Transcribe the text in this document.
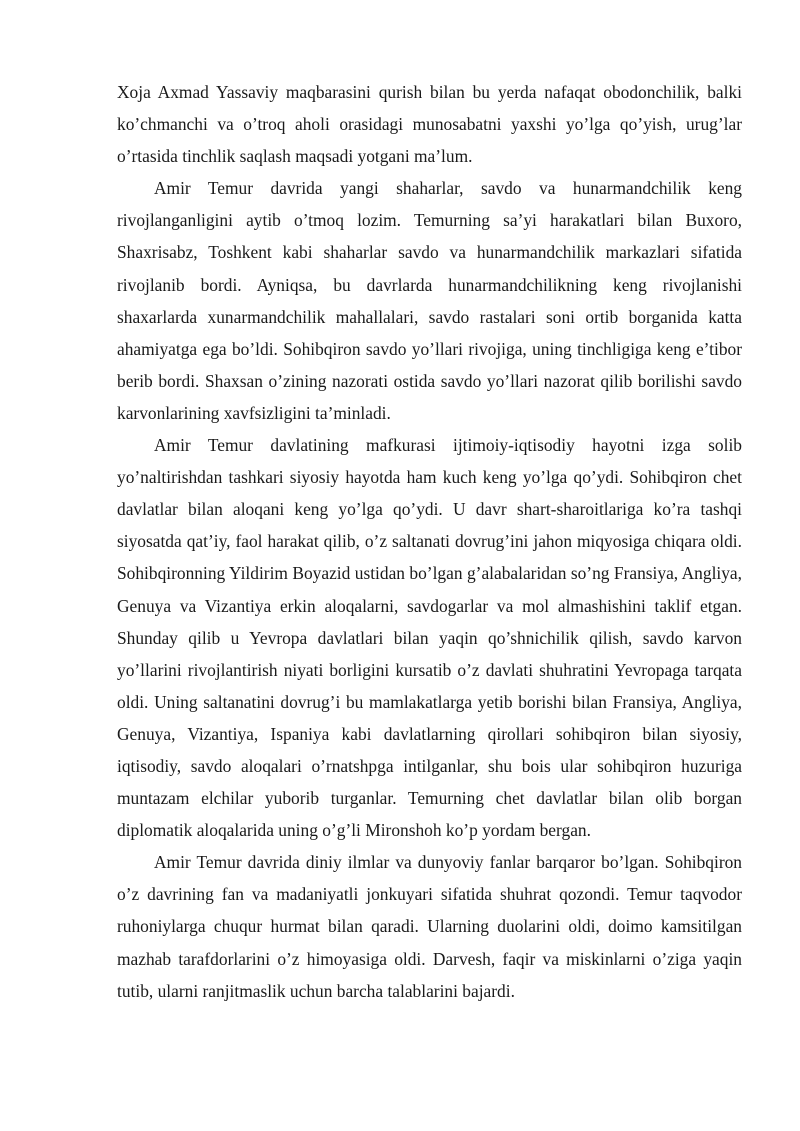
Xoja Axmad Yassaviy maqbarasini qurish bilan bu yerda nafaqat obodonchilik, balki ko’chmanchi va o’troq aholi orasidagi munosabatni yaxshi yo’lga qo’yish, urug’lar o’rtasida tinchlik saqlash maqsadi yotgani ma’lum.

Amir Temur davrida yangi shaharlar, savdo va hunarmandchilik keng rivojlanganligini aytib o’tmoq lozim. Temurning sa’yi harakatlari bilan Buxoro, Shaxrisabz, Toshkent kabi shaharlar savdo va hunarmandchilik markazlari sifatida rivojlanib bordi. Ayniqsa, bu davrlarda hunarmandchilikning keng rivojlanishi shaxarlarda xunarmandchilik mahallalari, savdo rastalari soni ortib borganida katta ahamiyatga ega bo’ldi. Sohibqiron savdo yo’llari rivojiga, uning tinchligiga keng e’tibor berib bordi. Shaxsan o’zining nazorati ostida savdo yo’llari nazorat qilib borilishi savdo karvonlarining xavfsizligini ta’minladi.

Amir Temur davlatining mafkurasi ijtimoiy-iqtisodiy hayotni izga solib yo’naltirishdan tashkari siyosiy hayotda ham kuch keng yo’lga qo’ydi. Sohibqiron chet davlatlar bilan aloqani keng yo’lga qo’ydi. U davr shart-sharoitlariga ko’ra tashqi siyosatda qat’iy, faol harakat qilib, o’z saltanati dovrug’ini jahon miqyosiga chiqara oldi. Sohibqironning Yildirim Boyazid ustidan bo’lgan g’alabalaridan so’ng Fransiya, Angliya, Genuya va Vizantiya erkin aloqalarni, savdogarlar va mol almashishini taklif etgan. Shunday qilib u Yevropa davlatlari bilan yaqin qo’shnichilik qilish, savdo karvon yo’llarini rivojlantirish niyati borligini kursatib o’z davlati shuhratini Yevropaga tarqata oldi. Uning saltanatini dovrug’i bu mamlakatlarga yetib borishi bilan Fransiya, Angliya, Genuya, Vizantiya, Ispaniya kabi davlatlarning qirollari sohibqiron bilan siyosiy, iqtisodiy, savdo aloqalari o’rnatshpga intilganlar, shu bois ular sohibqiron huzuriga muntazam elchilar yuborib turganlar. Temurning chet davlatlar bilan olib borgan diplomatik aloqalarida uning o’g’li Mironshoh ko’p yordam bergan.

Amir Temur davrida diniy ilmlar va dunyoviy fanlar barqaror bo’lgan. Sohibqiron o’z davrining fan va madaniyatli jonkuyari sifatida shuhrat qozondi. Temur taqvodor ruhoniylarga chuqur hurmat bilan qaradi. Ularning duolarini oldi, doimo kamsitilgan mazhab tarafdorlarini o’z himoyasiga oldi. Darvesh, faqir va miskinlarni o’ziga yaqin tutib, ularni ranjitmaslik uchun barcha talablarini bajardi.
